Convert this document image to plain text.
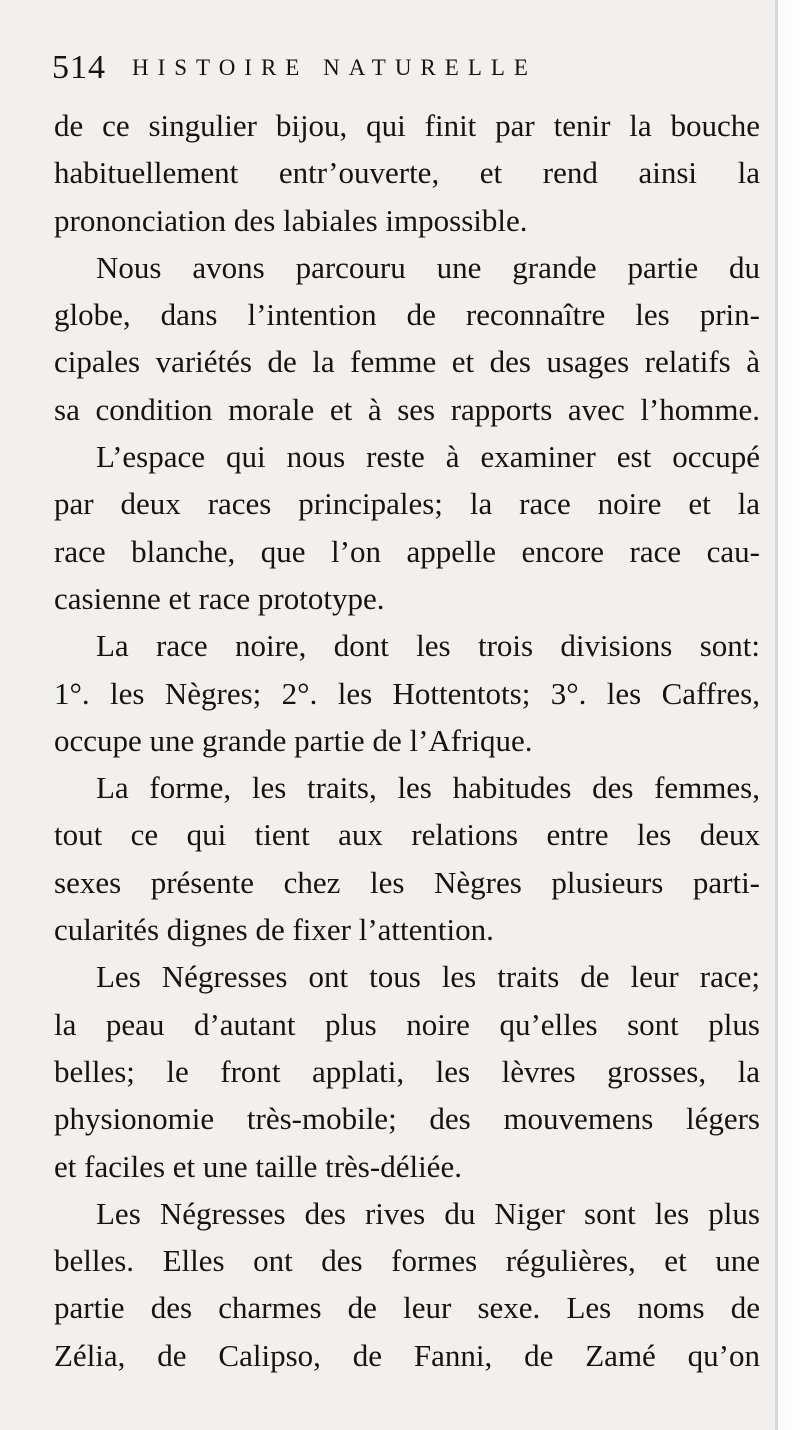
514 HISTOIRE NATURELLE
de ce singulier bijou, qui finit par tenir la bouche
habituellement entr’ouverte, et rend ainsi la
prononciation des labiales impossible.
Nous avons parcouru une grande partie du
globe, dans l’intention de reconnaître les prin-
cipales variétés de la femme et des usages relatifs à
sa condition morale et à ses rapports avec l’homme.
L’espace qui nous reste à examiner est occupé
par deux races principales; la race noire et la
race blanche, que l’on appelle encore race cau-
casienne et race prototype.
La race noire, dont les trois divisions sont:
1°. les Nègres; 2°. les Hottentots; 3°. les Caffres,
occupe une grande partie de l’Afrique.
La forme, les traits, les habitudes des femmes,
tout ce qui tient aux relations entre les deux
sexes présente chez les Nègres plusieurs parti-
cularités dignes de fixer l’attention.
Les Négresses ont tous les traits de leur race;
la peau d’autant plus noire qu’elles sont plus
belles; le front applati, les lèvres grosses, la
physionomie très-mobile; des mouvemens légers
et faciles et une taille très-déliée.
Les Négresses des rives du Niger sont les plus
belles. Elles ont des formes régulières, et une
partie des charmes de leur sexe. Les noms de
Zélia, de Calipso, de Fanni, de Zamé qu’on
